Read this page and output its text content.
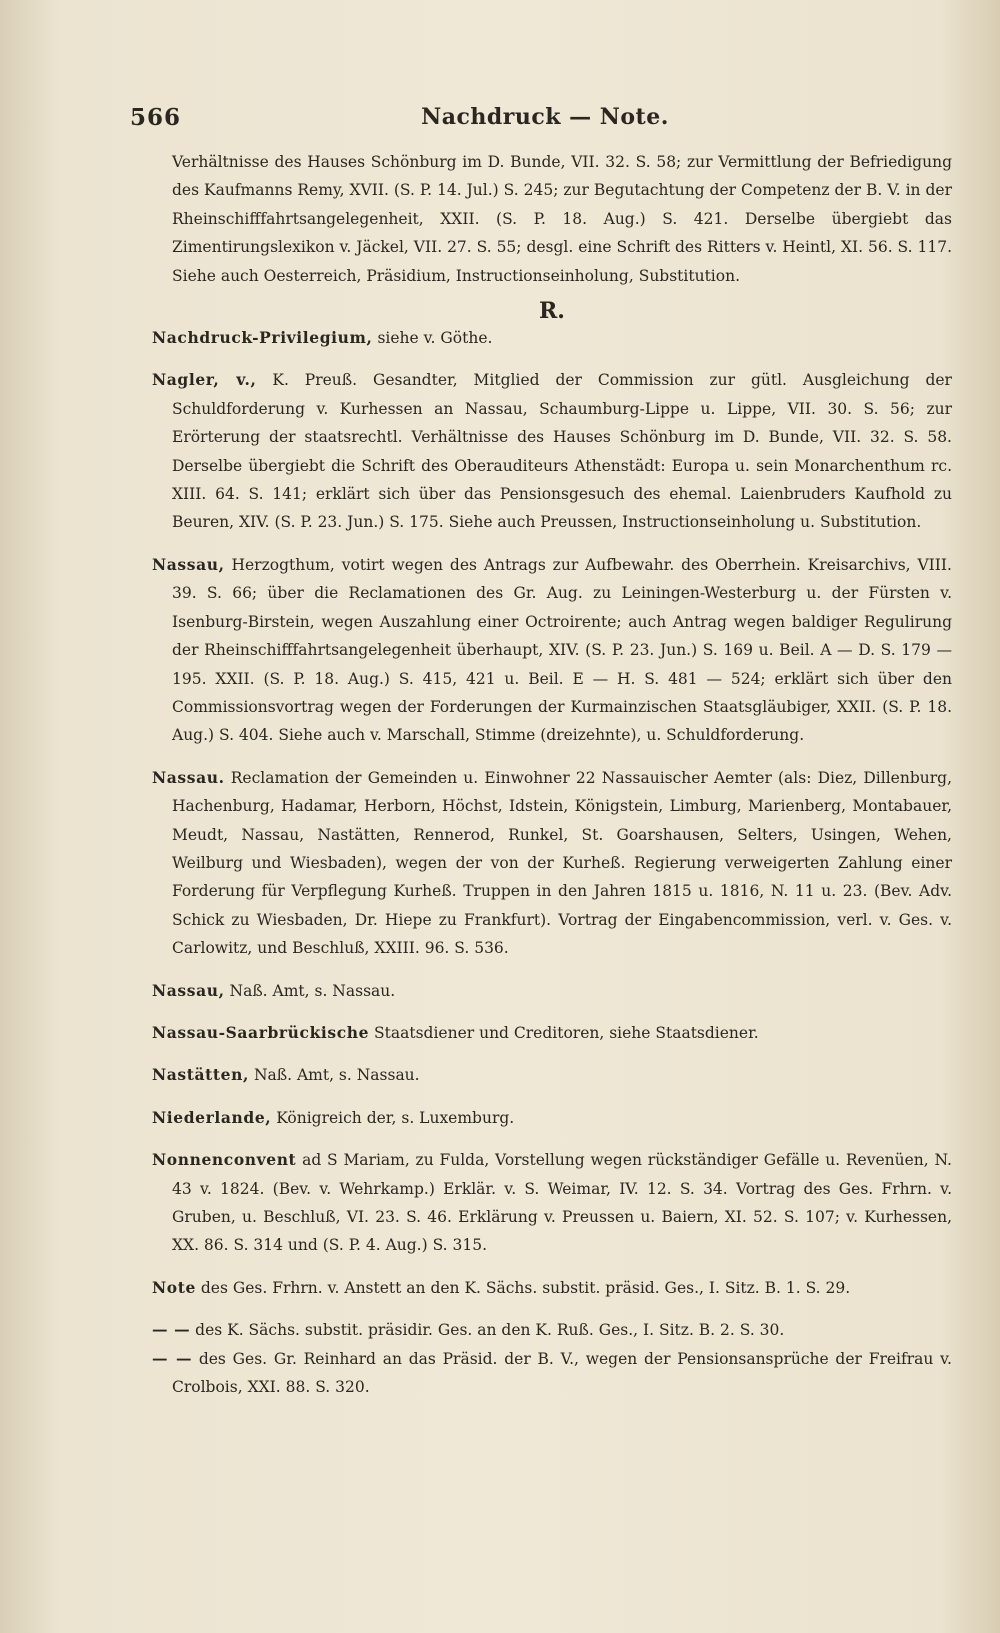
566	Nachdruck — Note.

Verhältnisse des Hauses Schönburg im D. Bunde, VII. 32. S. 58; zur Vermittlung der Befriedigung des Kaufmanns Remy, XVII. (S. P. 14. Jul.) S. 245; zur Begutachtung der Competenz der B. V. in der Rheinschifffahrtsangelegenheit, XXII. (S. P. 18. Aug.) S. 421. Derselbe übergiebt das Zimentirungslexikon v. Jäckel, VII. 27. S. 55; desgl. eine Schrift des Ritters v. Heintl, XI. 56. S. 117. Siehe auch Oesterreich, Präsidium, Instructionseinholung, Substitution.

R.

Nachdruck-Privilegium, siehe v. Göthe.

Nagler, v., K. Preuß. Gesandter, Mitglied der Commission zur gütl. Ausgleichung der Schuldforderung v. Kurhessen an Nassau, Schaumburg-Lippe u. Lippe, VII. 30. S. 56; zur Erörterung der staatsrechtl. Verhältnisse des Hauses Schönburg im D. Bunde, VII. 32. S. 58. Derselbe übergiebt die Schrift des Oberauditeurs Athenstädt: Europa u. sein Monarchenthum rc. XIII. 64. S. 141; erklärt sich über das Pensionsgesuch des ehemal. Laienbruders Kaufhold zu Beuren, XIV. (S. P. 23. Jun.) S. 175. Siehe auch Preussen, Instructionseinholung u. Substitution.

Nassau, Herzogthum, votirt wegen des Antrags zur Aufbewahr. des Oberrhein. Kreisarchivs, VIII. 39. S. 66; über die Reclamationen des Gr. Aug. zu Leiningen-Westerburg u. der Fürsten v. Isenburg-Birstein, wegen Auszahlung einer Octroirente; auch Antrag wegen baldiger Regulirung der Rheinschifffahrtsangelegenheit überhaupt, XIV. (S. P. 23. Jun.) S. 169 u. Beil. A — D. S. 179 — 195. XXII. (S. P. 18. Aug.) S. 415, 421 u. Beil. E — H. S. 481 — 524; erklärt sich über den Commissionsvortrag wegen der Forderungen der Kurmainzischen Staatsgläubiger, XXII. (S. P. 18. Aug.) S. 404. Siehe auch v. Marschall, Stimme (dreizehnte), u. Schuldforderung.

Nassau. Reclamation der Gemeinden u. Einwohner 22 Nassauischer Aemter (als: Diez, Dillenburg, Hachenburg, Hadamar, Herborn, Höchst, Idstein, Königstein, Limburg, Marienberg, Montabauer, Meudt, Nassau, Nastätten, Rennerod, Runkel, St. Goarshausen, Selters, Usingen, Wehen, Weilburg und Wiesbaden), wegen der von der Kurheß. Regierung verweigerten Zahlung einer Forderung für Verpflegung Kurheß. Truppen in den Jahren 1815 u. 1816, N. 11 u. 23. (Bev. Adv. Schick zu Wiesbaden, Dr. Hiepe zu Frankfurt). Vortrag der Eingabencommission, verl. v. Ges. v. Carlowitz, und Beschluß, XXIII. 96. S. 536.

Nassau, Naß. Amt, s. Nassau.

Nassau-Saarbrückische Staatsdiener und Creditoren, siehe Staatsdiener.

Nastätten, Naß. Amt, s. Nassau.

Niederlande, Königreich der, s. Luxemburg.

Nonnenconvent ad S Mariam, zu Fulda, Vorstellung wegen rückständiger Gefälle u. Revenüen, N. 43 v. 1824. (Bev. v. Wehrkamp.) Erklär. v. S. Weimar, IV. 12. S. 34. Vortrag des Ges. Frhrn. v. Gruben, u. Beschluß, VI. 23. S. 46. Erklärung v. Preussen u. Baiern, XI. 52. S. 107; v. Kurhessen, XX. 86. S. 314 und (S. P. 4. Aug.) S. 315.

Note des Ges. Frhrn. v. Anstett an den K. Sächs. substit. präsid. Ges., I. Sitz. B. 1. S. 29.

— — des K. Sächs. substit. präsidir. Ges. an den K. Ruß. Ges., I. Sitz. B. 2. S. 30.

— — des Ges. Gr. Reinhard an das Präsid. der B. V., wegen der Pensionsansprüche der Freifrau v. Crolbois, XXI. 88. S. 320.
